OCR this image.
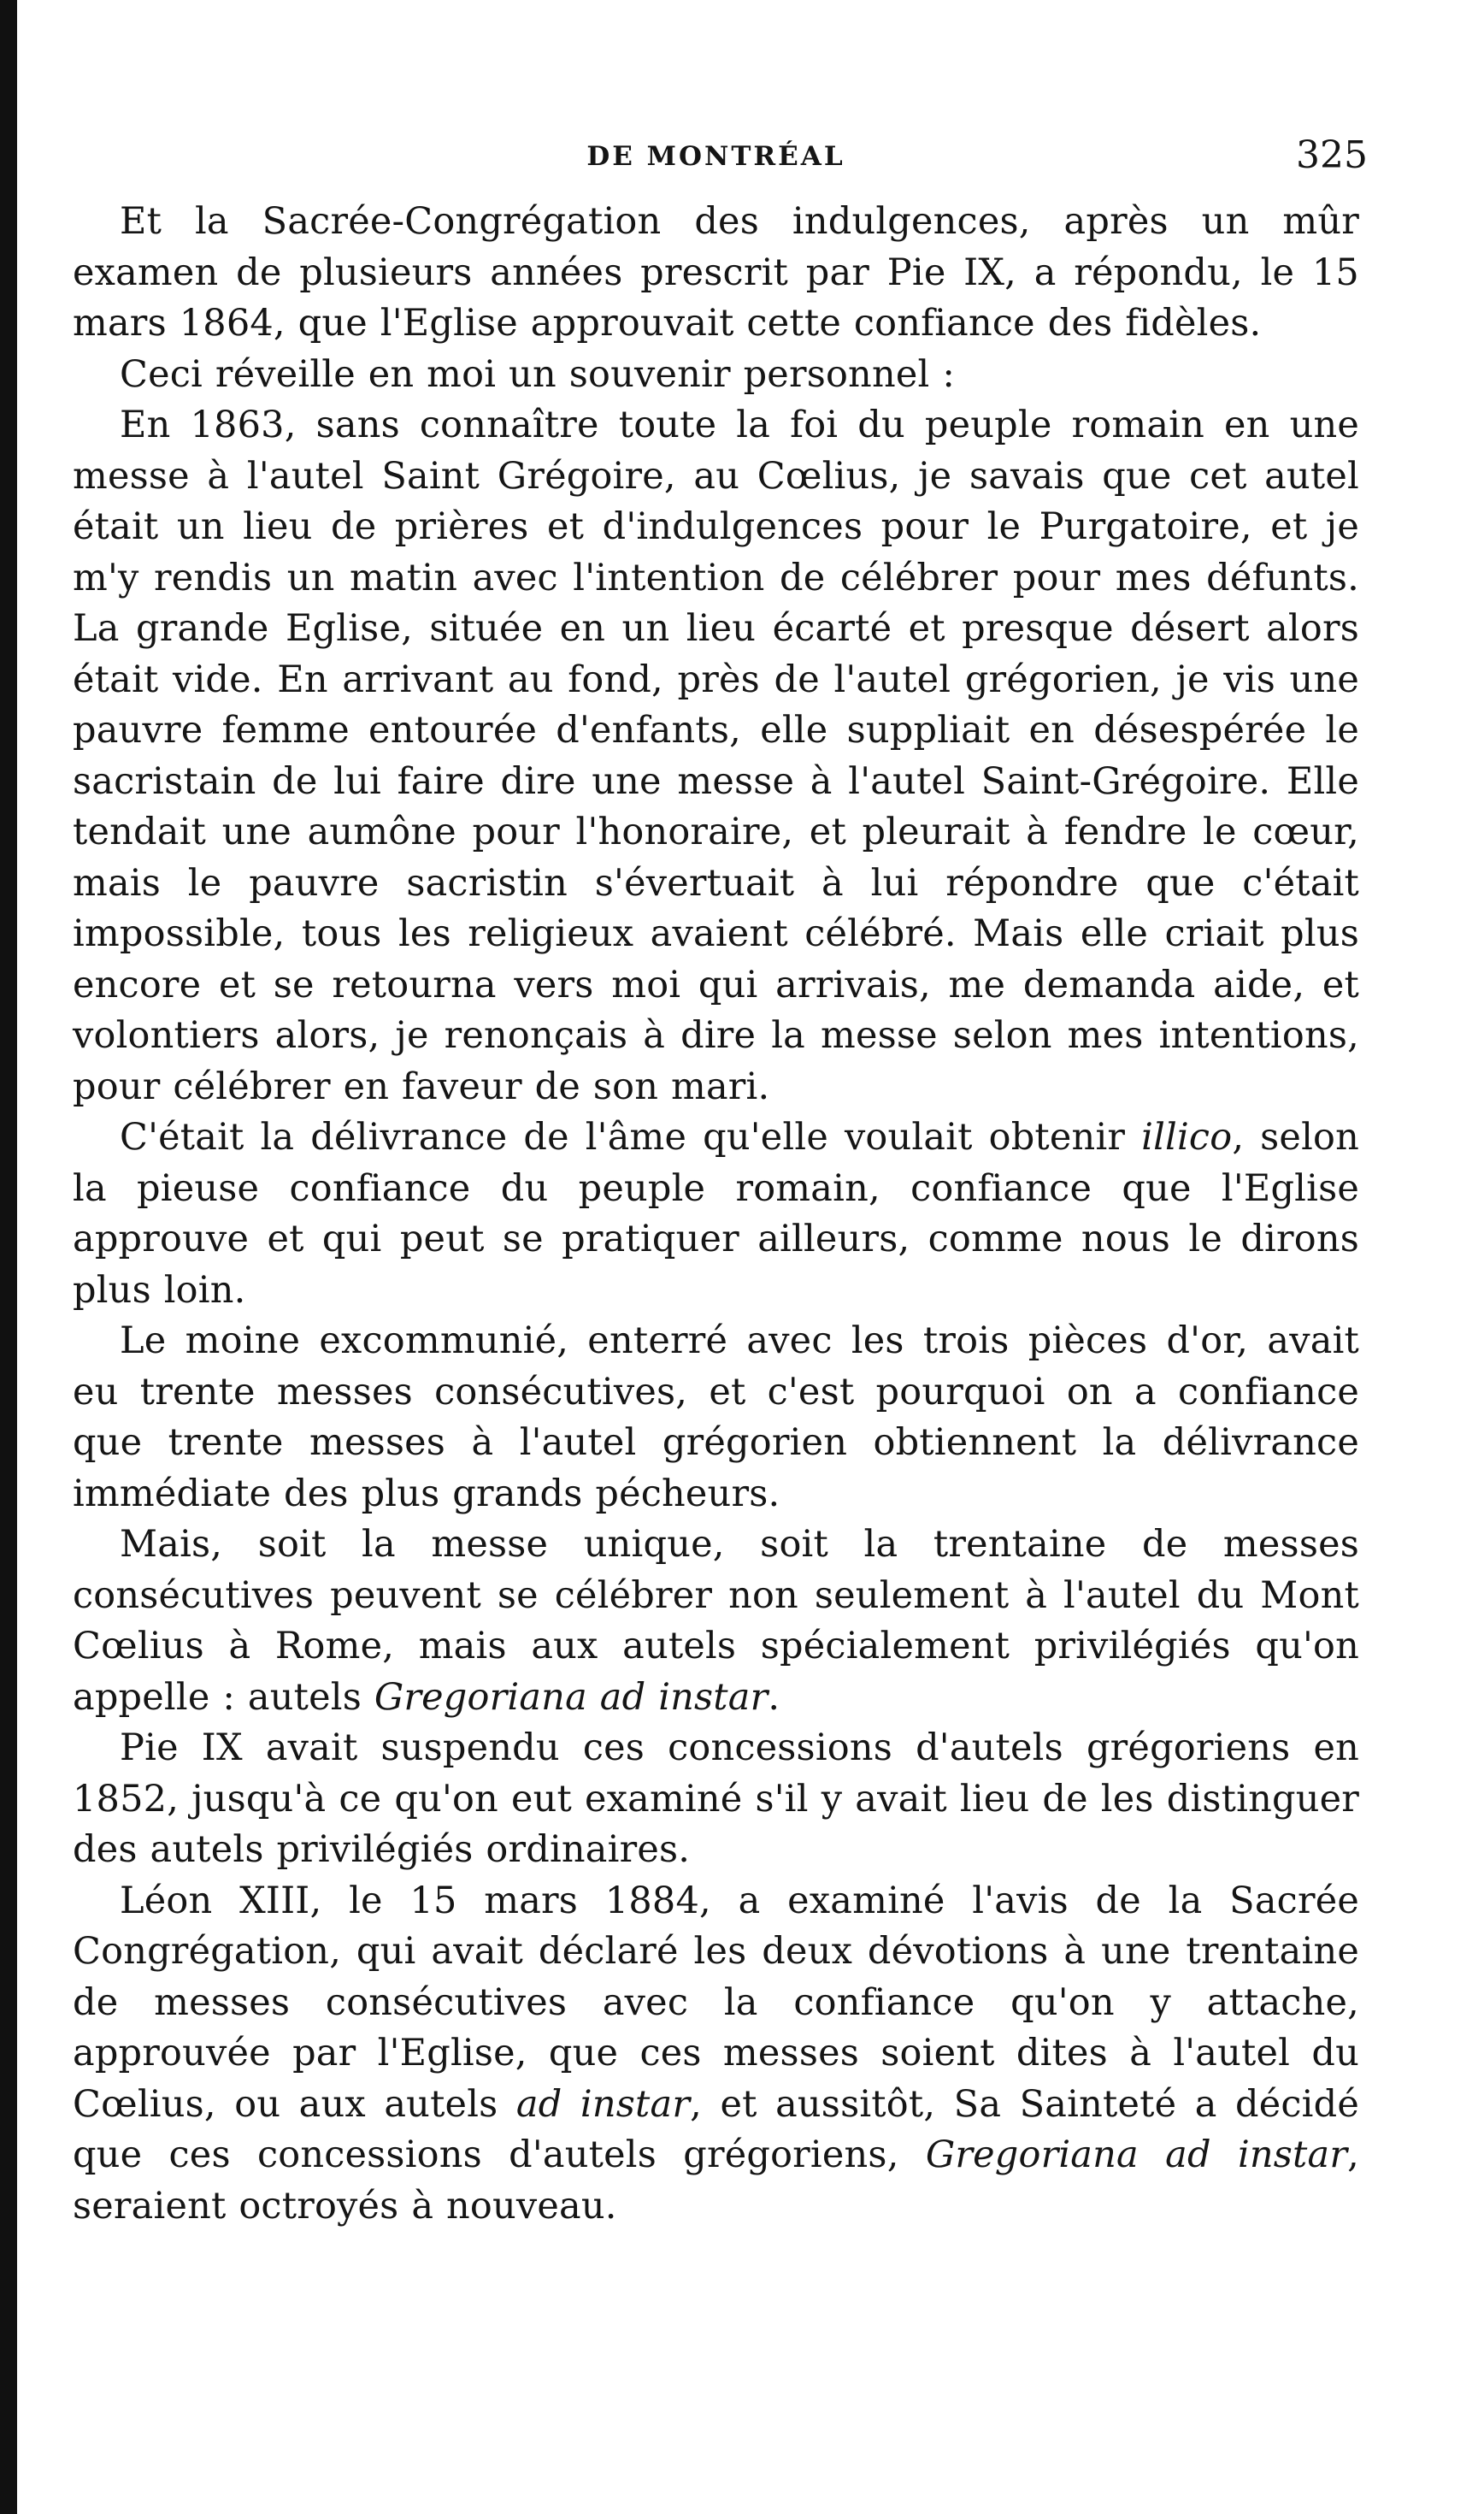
DE MONTRÉAL	325

Et la Sacrée-Congrégation des indulgences, après un mûr examen de plusieurs années prescrit par Pie IX, a répondu, le 15 mars 1864, que l'Eglise approuvait cette confiance des fidèles.

Ceci réveille en moi un souvenir personnel :

En 1863, sans connaître toute la foi du peuple romain en une messe à l'autel Saint Grégoire, au Cœlius, je savais que cet autel était un lieu de prières et d'indulgences pour le Purgatoire, et je m'y rendis un matin avec l'intention de célébrer pour mes défunts. La grande Eglise, située en un lieu écarté et presque désert alors était vide. En arrivant au fond, près de l'autel grégorien, je vis une pauvre femme entourée d'enfants, elle suppliait en désespérée le sacristain de lui faire dire une messe à l'autel Saint-Grégoire. Elle tendait une aumône pour l'honoraire, et pleurait à fendre le cœur, mais le pauvre sacristin s'évertuait à lui répondre que c'était impossible, tous les religieux avaient célébré. Mais elle criait plus encore et se retourna vers moi qui arrivais, me demanda aide, et volontiers alors, je renonçais à dire la messe selon mes intentions, pour célébrer en faveur de son mari.

C'était la délivrance de l'âme qu'elle voulait obtenir illico, selon la pieuse confiance du peuple romain, confiance que l'Eglise approuve et qui peut se pratiquer ailleurs, comme nous le dirons plus loin.

Le moine excommunié, enterré avec les trois pièces d'or, avait eu trente messes consécutives, et c'est pourquoi on a confiance que trente messes à l'autel grégorien obtiennent la délivrance immédiate des plus grands pécheurs.

Mais, soit la messe unique, soit la trentaine de messes consécutives peuvent se célébrer non seulement à l'autel du Mont Cœlius à Rome, mais aux autels spécialement privilégiés qu'on appelle : autels Gregoriana ad instar.

Pie IX avait suspendu ces concessions d'autels grégoriens en 1852, jusqu'à ce qu'on eut examiné s'il y avait lieu de les distinguer des autels privilégiés ordinaires.

Léon XIII, le 15 mars 1884, a examiné l'avis de la Sacrée Congrégation, qui avait déclaré les deux dévotions à une trentaine de messes consécutives avec la confiance qu'on y attache, approuvée par l'Eglise, que ces messes soient dites à l'autel du Cœlius, ou aux autels ad instar, et aussitôt, Sa Sainteté a décidé que ces concessions d'autels grégoriens, Gregoriana ad instar, seraient octroyés à nouveau.
